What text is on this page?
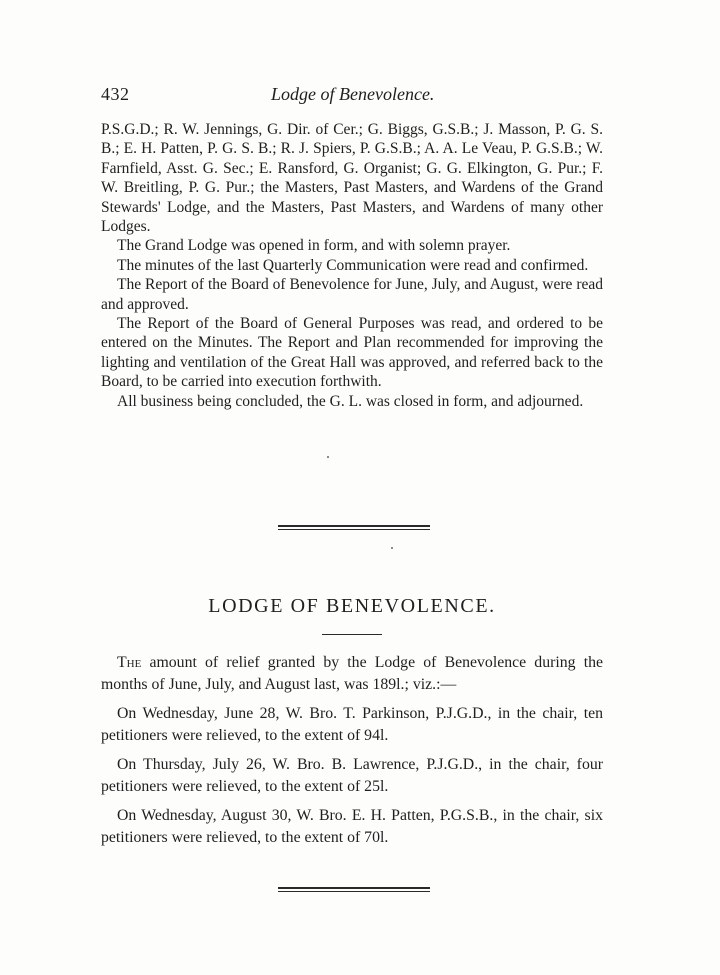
432	Lodge of Benevolence.

P.S.G.D.; R. W. Jennings, G. Dir. of Cer.; G. Biggs, G.S.B.; J. Masson, P. G. S. B.; E. H. Patten, P. G. S. B.; R. J. Spiers, P. G.S.B.; A. A. Le Veau, P. G.S.B.; W. Farnfield, Asst. G. Sec.; E. Ransford, G. Organist; G. G. Elkington, G. Pur.; F. W. Breitling, P. G. Pur.; the Masters, Past Masters, and Wardens of the Grand Stewards' Lodge, and the Masters, Past Masters, and Wardens of many other Lodges.

The Grand Lodge was opened in form, and with solemn prayer.

The minutes of the last Quarterly Communication were read and confirmed.

The Report of the Board of Benevolence for June, July, and August, were read and approved.

The Report of the Board of General Purposes was read, and ordered to be entered on the Minutes. The Report and Plan recommended for improving the lighting and ventilation of the Great Hall was approved, and referred back to the Board, to be carried into execution forthwith.

All business being concluded, the G. L. was closed in form, and adjourned.

LODGE OF BENEVOLENCE.

The amount of relief granted by the Lodge of Benevolence during the months of June, July, and August last, was 189l.; viz.:—

On Wednesday, June 28, W. Bro. T. Parkinson, P.J.G.D., in the chair, ten petitioners were relieved, to the extent of 94l.

On Thursday, July 26, W. Bro. B. Lawrence, P.J.G.D., in the chair, four petitioners were relieved, to the extent of 25l.

On Wednesday, August 30, W. Bro. E. H. Patten, P.G.S.B., in the chair, six petitioners were relieved, to the extent of 70l.
